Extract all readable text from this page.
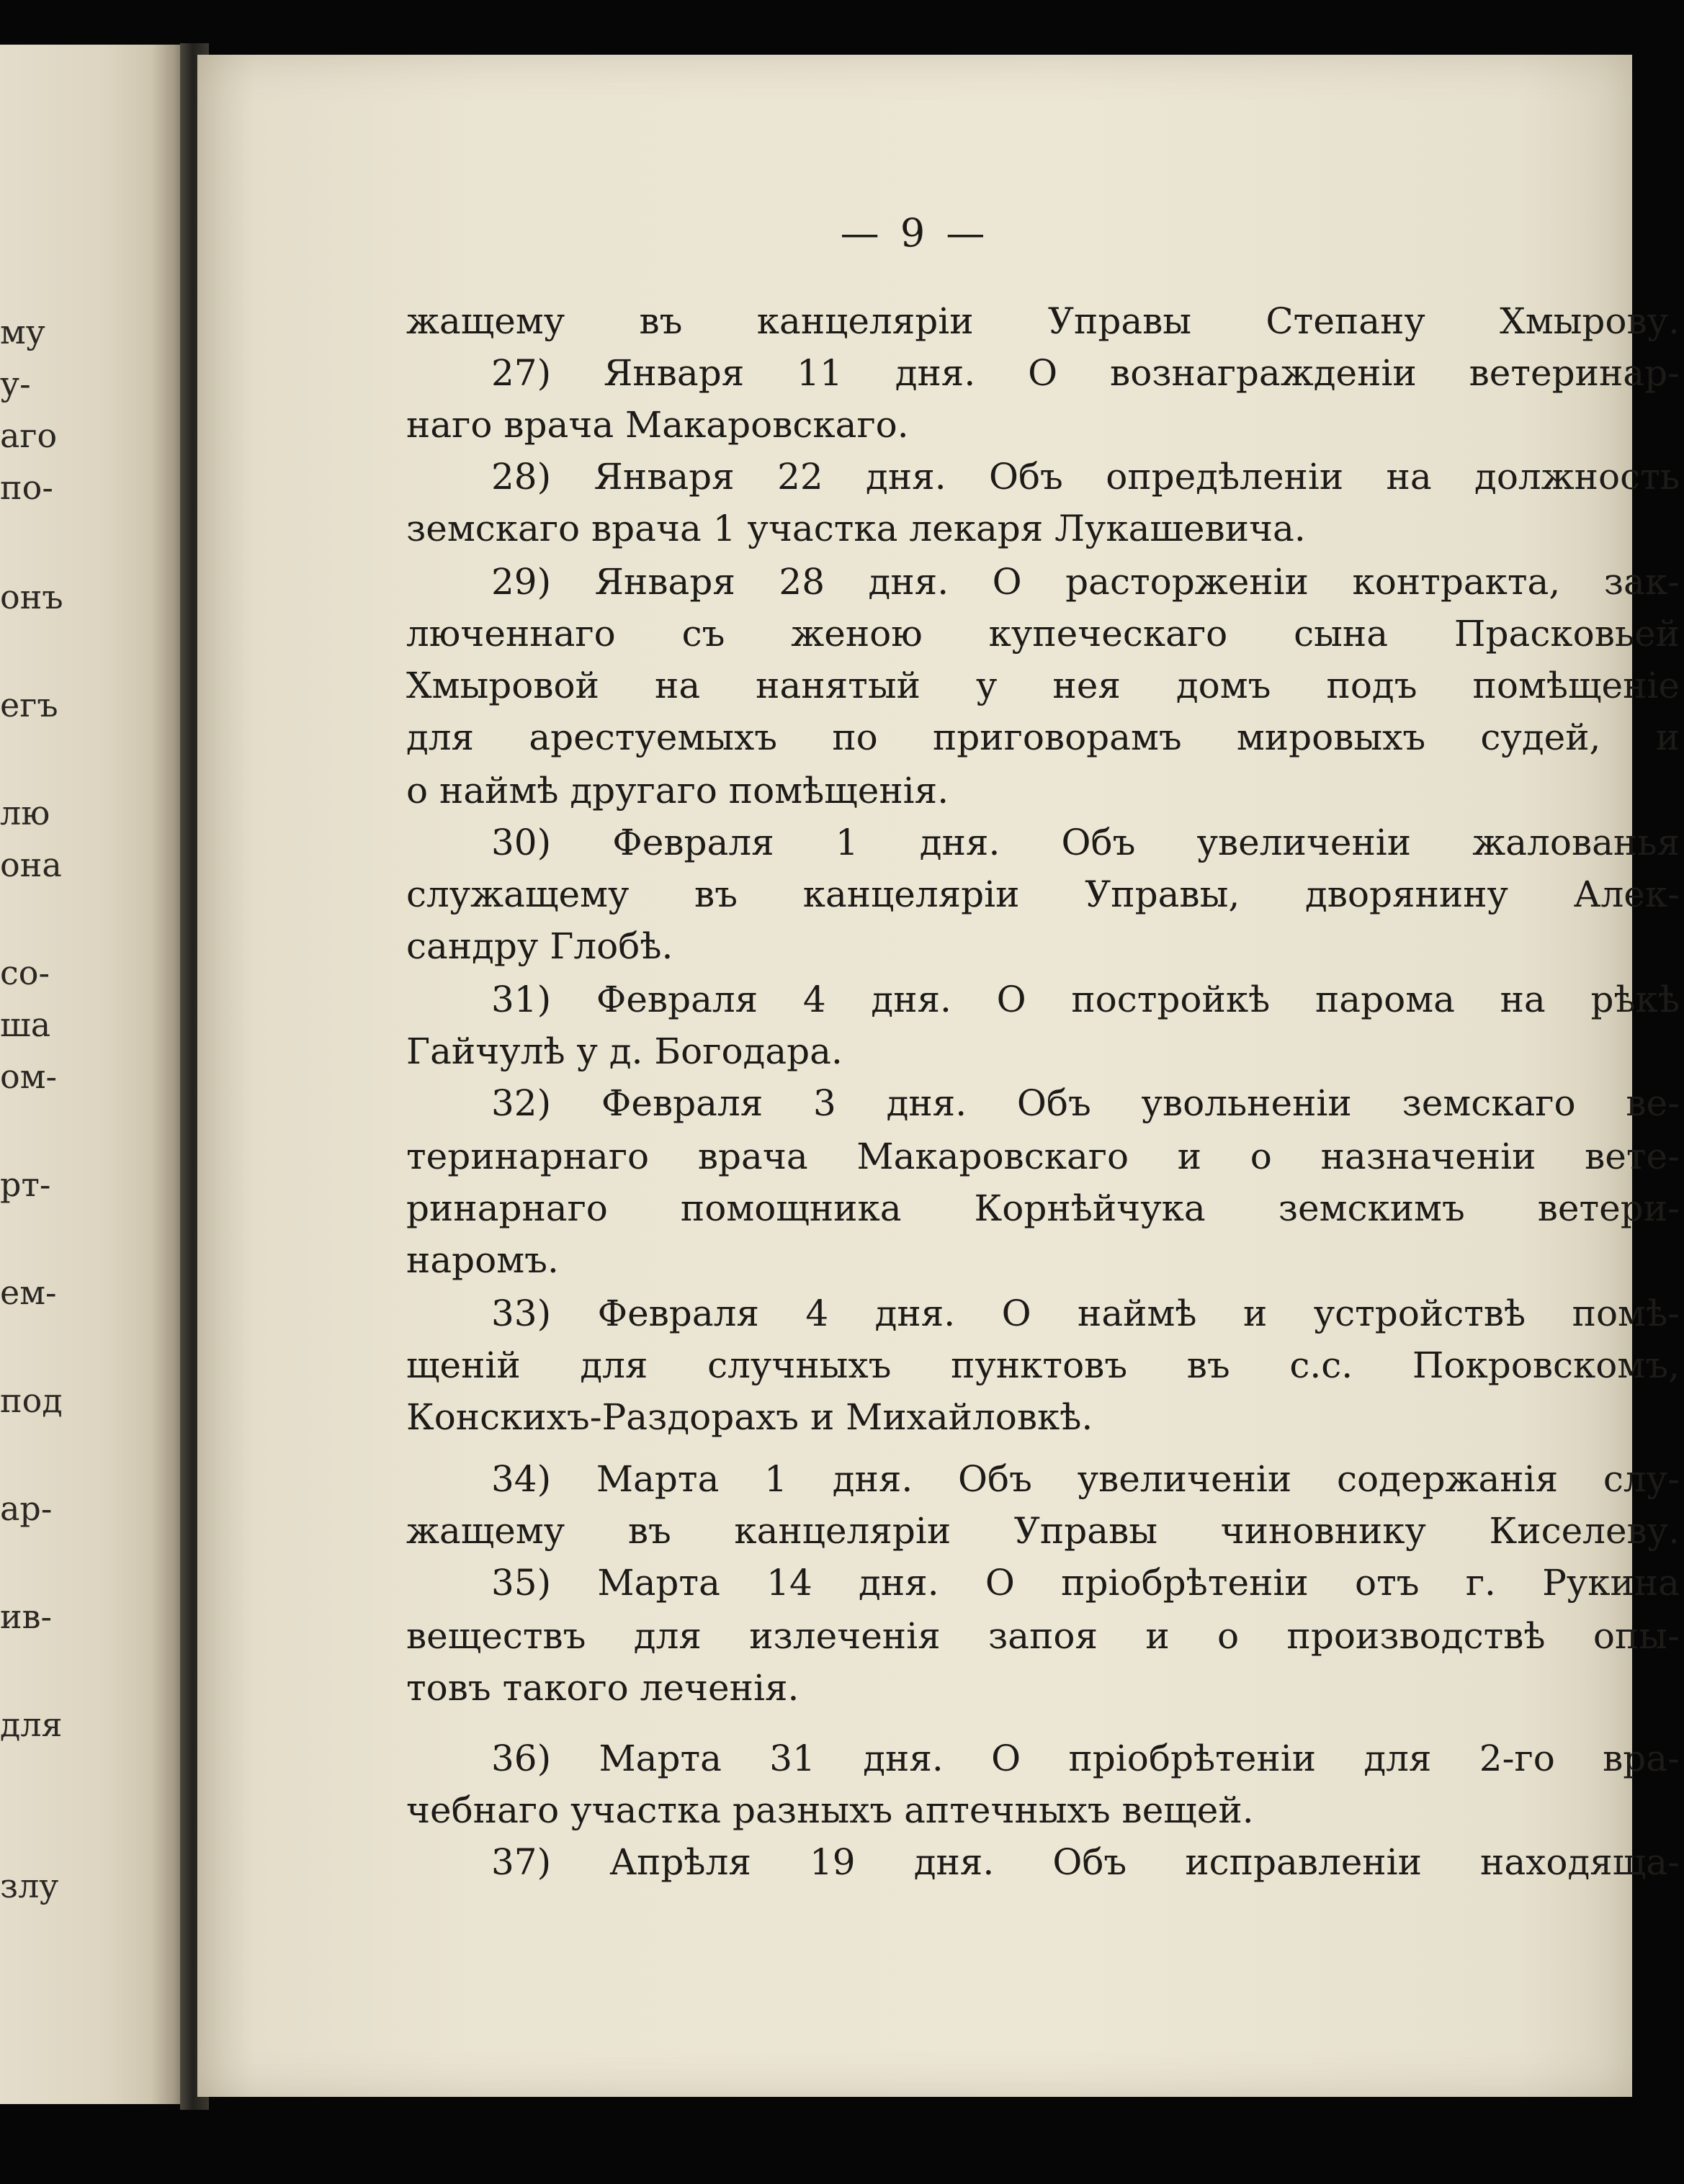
му
у-
аго
по-
онъ
егъ
лю
она
со-
ша
ом-
рт-
ем-
под
ар-
ив-
для
злу
— 9 —
жащему въ канцеляріи Управы Степану Хмырову.
27) Января 11 дня. О вознагражденіи ветеринар-
наго врача Макаровскаго.
28) Января 22 дня. Объ опредѣленіи на должность
земскаго врача 1 участка лекаря Лукашевича.
29) Января 28 дня. О расторженіи контракта, зак-
люченнаго съ женою купеческаго сына Прасковьей
Хмыровой на нанятый у нея домъ подъ помѣщеніе
для арестуемыхъ по приговорамъ мировыхъ судей, и
о наймѣ другаго помѣщенія.
30) Февраля 1 дня. Объ увеличеніи жалованья
служащему въ канцеляріи Управы, дворянину Алек-
сандру Глобѣ.
31) Февраля 4 дня. О постройкѣ парома на рѣкѣ
Гайчулѣ у д. Богодара.
32) Февраля 3 дня. Объ увольненіи земскаго ве-
теринарнаго врача Макаровскаго и о назначеніи вете-
ринарнаго помощника Корнѣйчука земскимъ ветери-
наромъ.
33) Февраля 4 дня. О наймѣ и устройствѣ помѣ-
щеній для случныхъ пунктовъ въ с.с. Покровскомъ,
Конскихъ-Раздорахъ и Михайловкѣ.
34) Марта 1 дня. Объ увеличеніи содержанія слу-
жащему въ канцеляріи Управы чиновнику Киселеву.
35) Марта 14 дня. О пріобрѣтеніи отъ г. Рукина
веществъ для излеченія запоя и о производствѣ опы-
товъ такого леченія.
36) Марта 31 дня. О пріобрѣтеніи для 2-го вра-
чебнаго участка разныхъ аптечныхъ вещей.
37) Апрѣля 19 дня. Объ исправленіи находяща-
